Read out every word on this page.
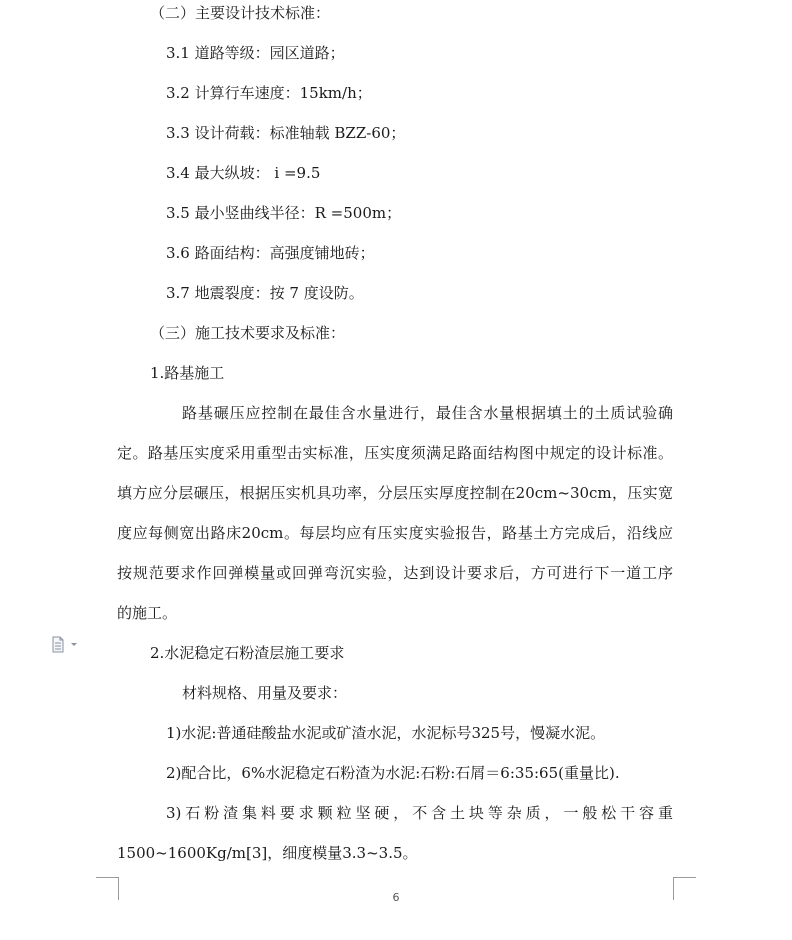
（二）主要设计技术标准：
3.1 道路等级：园区道路；
3.2 计算行车速度：15km/h；
3.3 设计荷载：标准轴载 BZZ-60；
3.4 最大纵坡： i =9.5
3.5 最小竖曲线半径：R =500m；
3.6 路面结构：高强度铺地砖；
3.7 地震裂度：按 7 度设防。
（三）施工技术要求及标准：
1.路基施工
路基碾压应控制在最佳含水量进行，最佳含水量根据填土的土质试验确
定。路基压实度采用重型击实标准，压实度须满足路面结构图中规定的设计标准。
填方应分层碾压，根据压实机具功率，分层压实厚度控制在20cm~30cm，压实宽
度应每侧宽出路床20cm。每层均应有压实度实验报告，路基土方完成后，沿线应
按规范要求作回弹模量或回弹弯沉实验，达到设计要求后，方可进行下一道工序
的施工。
2.水泥稳定石粉渣层施工要求
材料规格、用量及要求：
1)水泥:普通硅酸盐水泥或矿渣水泥，水泥标号325号，慢凝水泥。
2)配合比，6%水泥稳定石粉渣为水泥:石粉:石屑＝6:35:65(重量比).
3)石粉渣集料要求颗粒坚硬，不含土块等杂质，一般松干容重
1500~1600Kg/m[3]，细度模量3.3~3.5。
6
